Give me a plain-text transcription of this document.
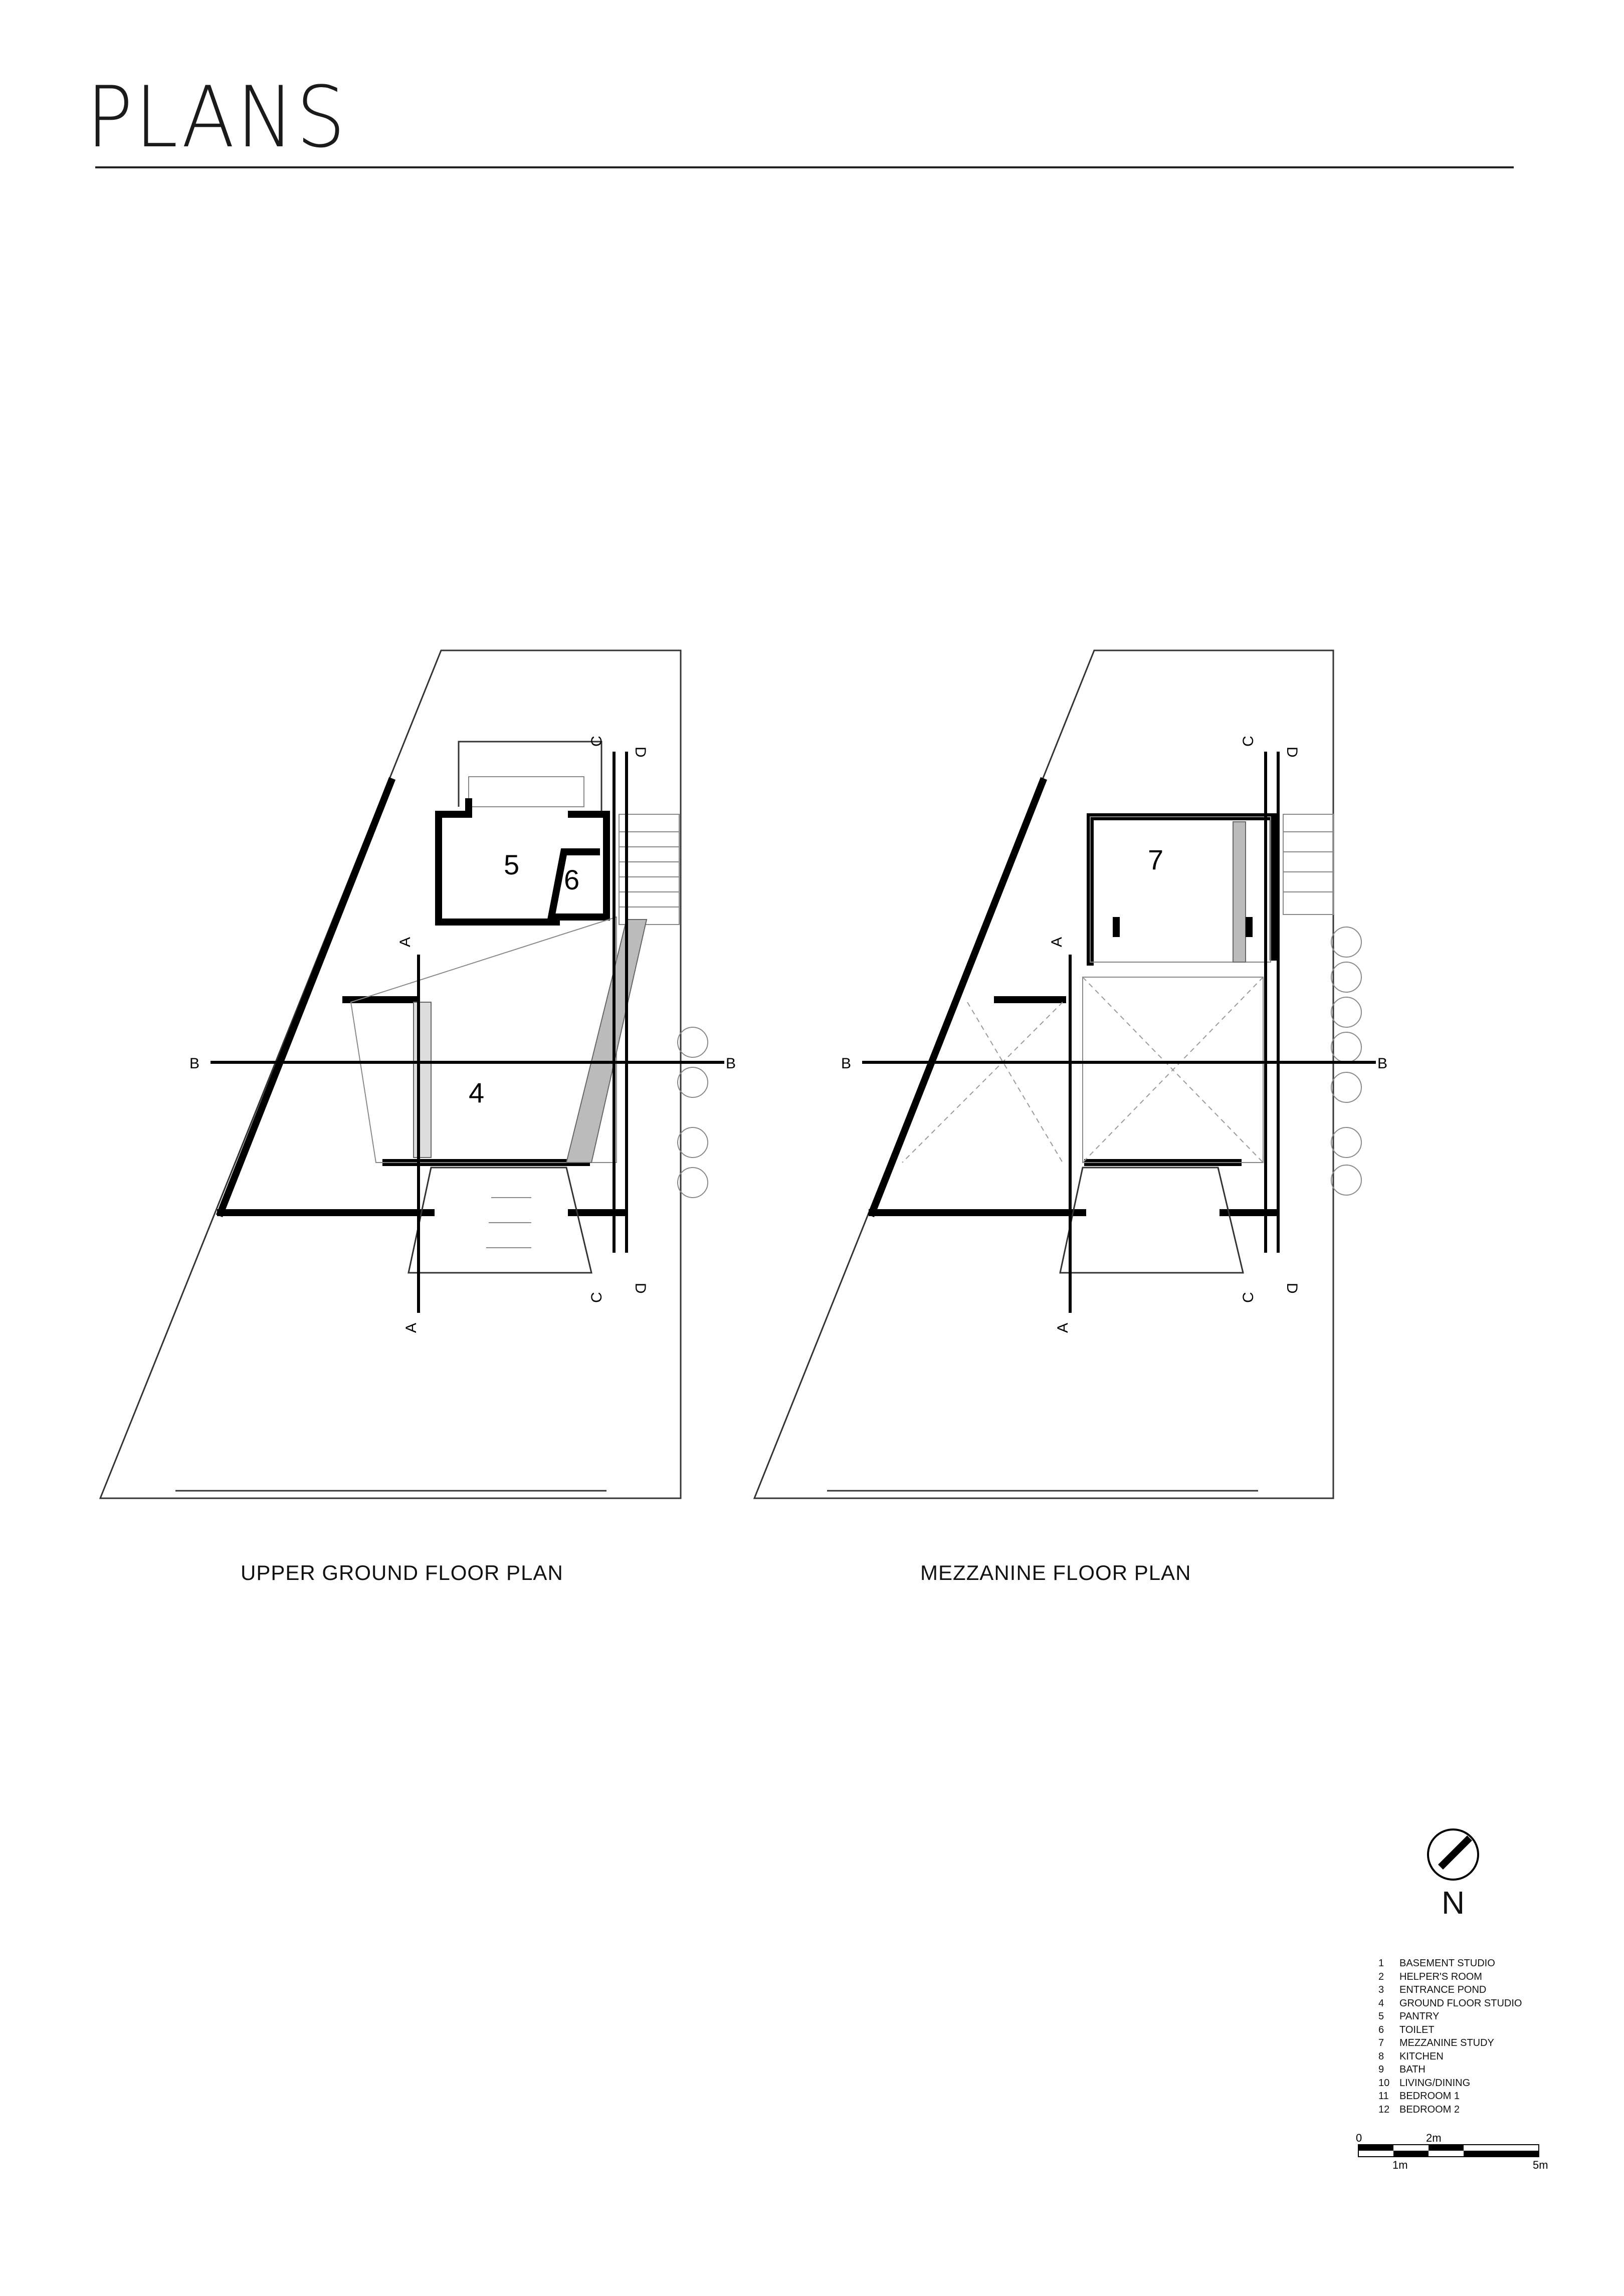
PLANS
A
A
B	B
C
C
D
D
4
5 6
A
A
B	B
C
C
D
D
7
UPPER GROUND FLOOR PLAN	MEZZANINE FLOOR PLAN
N
1	BASEMENT STUDIO
2	HELPER'S ROOM
3	ENTRANCE POND
4	GROUND FLOOR STUDIO
5	PANTRY
6	TOILET
7	MEZZANINE STUDY
8	KITCHEN
9	BATH
10 LIVING/DINING
11	BEDROOM 1
12 BEDROOM 2
0	2m
1m	5m
